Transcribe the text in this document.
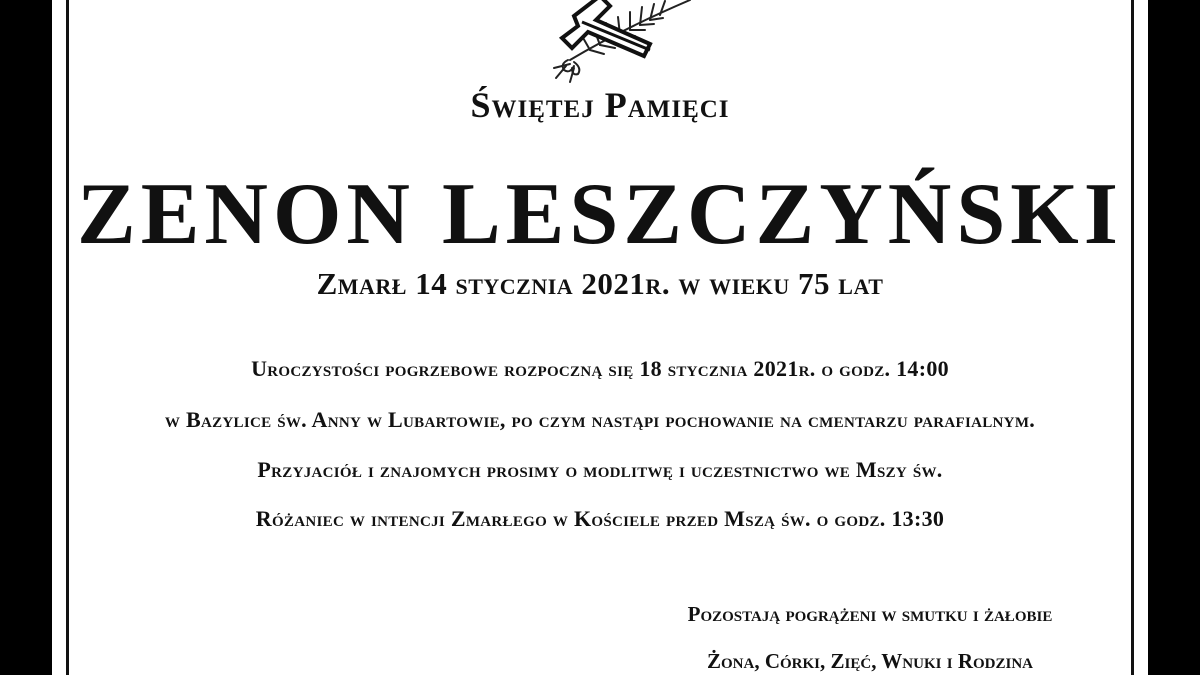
Świętej Pamięci
ZENON LESZCZYŃSKI
Zmarł 14 stycznia 2021r. w wieku 75 lat
Uroczystości pogrzebowe rozpoczną się 18 stycznia 2021r. o godz. 14:00
w Bazylice św. Anny w Lubartowie, po czym nastąpi pochowanie na cmentarzu parafialnym.
Przyjaciół i znajomych prosimy o modlitwę i uczestnictwo we Mszy św.
Różaniec w intencji Zmarłego w Kościele przed Mszą św. o godz. 13:30
Pozostają pogrążeni w smutku i żałobie
Żona, Córki, Zięć, Wnuki i Rodzina
